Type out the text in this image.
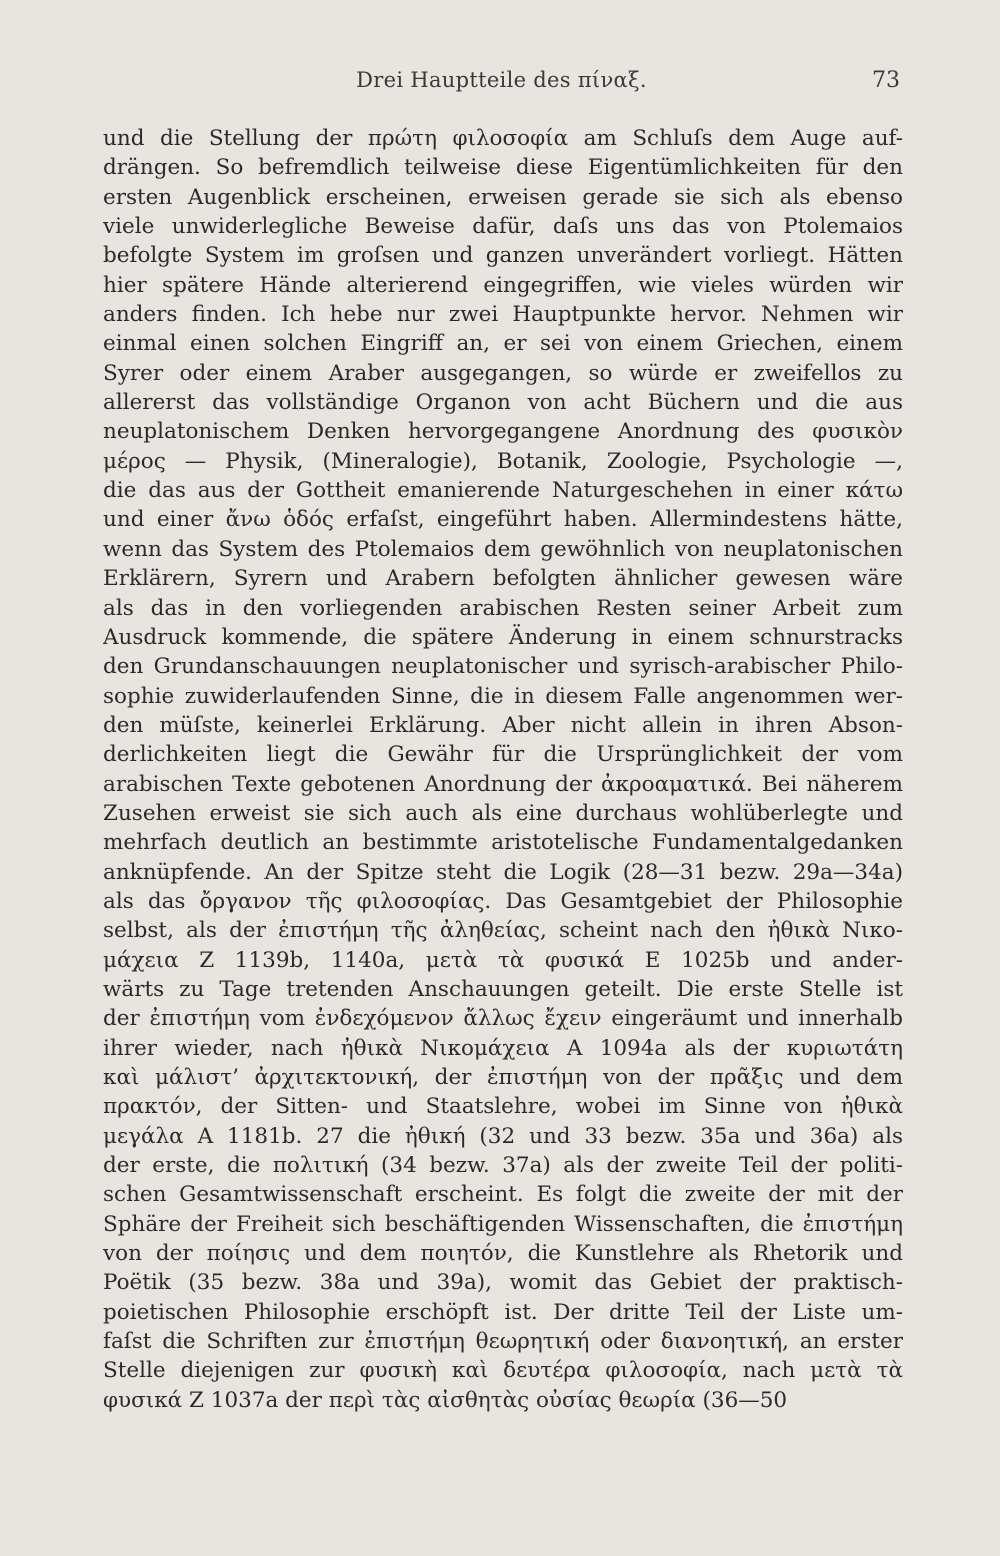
Drei Hauptteile des πίναξ.	73
und die Stellung der πρώτη φιλοσοφία am Schluſs dem Auge auf-
drängen. So befremdlich teilweise diese Eigentümlichkeiten für den
ersten Augenblick erscheinen, erweisen gerade sie sich als ebenso
viele unwiderlegliche Beweise dafür, daſs uns das von Ptolemaios
befolgte System im groſsen und ganzen unverändert vorliegt. Hätten
hier spätere Hände alterierend eingegriffen, wie vieles würden wir
anders finden. Ich hebe nur zwei Hauptpunkte hervor. Nehmen wir
einmal einen solchen Eingriff an, er sei von einem Griechen, einem
Syrer oder einem Araber ausgegangen, so würde er zweifellos zu
allererst das vollständige Organon von acht Büchern und die aus
neuplatonischem Denken hervorgegangene Anordnung des φυσικὸν
μέρος — Physik, (Mineralogie), Botanik, Zoologie, Psychologie —,
die das aus der Gottheit emanierende Naturgeschehen in einer κάτω
und einer ἄνω ὁδός erfaſst, eingeführt haben. Allermindestens hätte,
wenn das System des Ptolemaios dem gewöhnlich von neuplatonischen
Erklärern, Syrern und Arabern befolgten ähnlicher gewesen wäre
als das in den vorliegenden arabischen Resten seiner Arbeit zum
Ausdruck kommende, die spätere Änderung in einem schnurstracks
den Grundanschauungen neuplatonischer und syrisch-arabischer Philo-
sophie zuwiderlaufenden Sinne, die in diesem Falle angenommen wer-
den müſste, keinerlei Erklärung. Aber nicht allein in ihren Abson-
derlichkeiten liegt die Gewähr für die Ursprünglichkeit der vom
arabischen Texte gebotenen Anordnung der ἀκροαματικά. Bei näherem
Zusehen erweist sie sich auch als eine durchaus wohlüberlegte und
mehrfach deutlich an bestimmte aristotelische Fundamentalgedanken
anknüpfende. An der Spitze steht die Logik (28—31 bezw. 29a—34a)
als das ὄργανον τῆς φιλοσοφίας. Das Gesamtgebiet der Philosophie
selbst, als der ἐπιστήμη τῆς ἀληθείας, scheint nach den ἠθικὰ Νικο-
μάχεια Z 1139b, 1140a, μετὰ τὰ φυσικά E 1025b und ander-
wärts zu Tage tretenden Anschauungen geteilt. Die erste Stelle ist
der ἐπιστήμη vom ἐνδεχόμενον ἄλλως ἔχειν eingeräumt und innerhalb
ihrer wieder, nach ἠθικὰ Νικομάχεια A 1094a als der κυριωτάτη
καὶ μάλιστ’ ἀρχιτεκτονική, der ἐπιστήμη von der πρᾶξις und dem
πρακτόν, der Sitten- und Staatslehre, wobei im Sinne von ἠθικὰ
μεγάλα A 1181b. 27 die ἠθική (32 und 33 bezw. 35a und 36a) als
der erste, die πολιτική (34 bezw. 37a) als der zweite Teil der politi-
schen Gesamtwissenschaft erscheint. Es folgt die zweite der mit der
Sphäre der Freiheit sich beschäftigenden Wissenschaften, die ἐπιστήμη
von der ποίησις und dem ποιητόν, die Kunstlehre als Rhetorik und
Poëtik (35 bezw. 38a und 39a), womit das Gebiet der praktisch-
poietischen Philosophie erschöpft ist. Der dritte Teil der Liste um-
faſst die Schriften zur ἐπιστήμη θεωρητική oder διανοητική, an erster
Stelle diejenigen zur φυσικὴ καὶ δευτέρα φιλοσοφία, nach μετὰ τὰ
φυσικά Z 1037a der περὶ τὰς αἰσθητὰς οὐσίας θεωρία (36—50
